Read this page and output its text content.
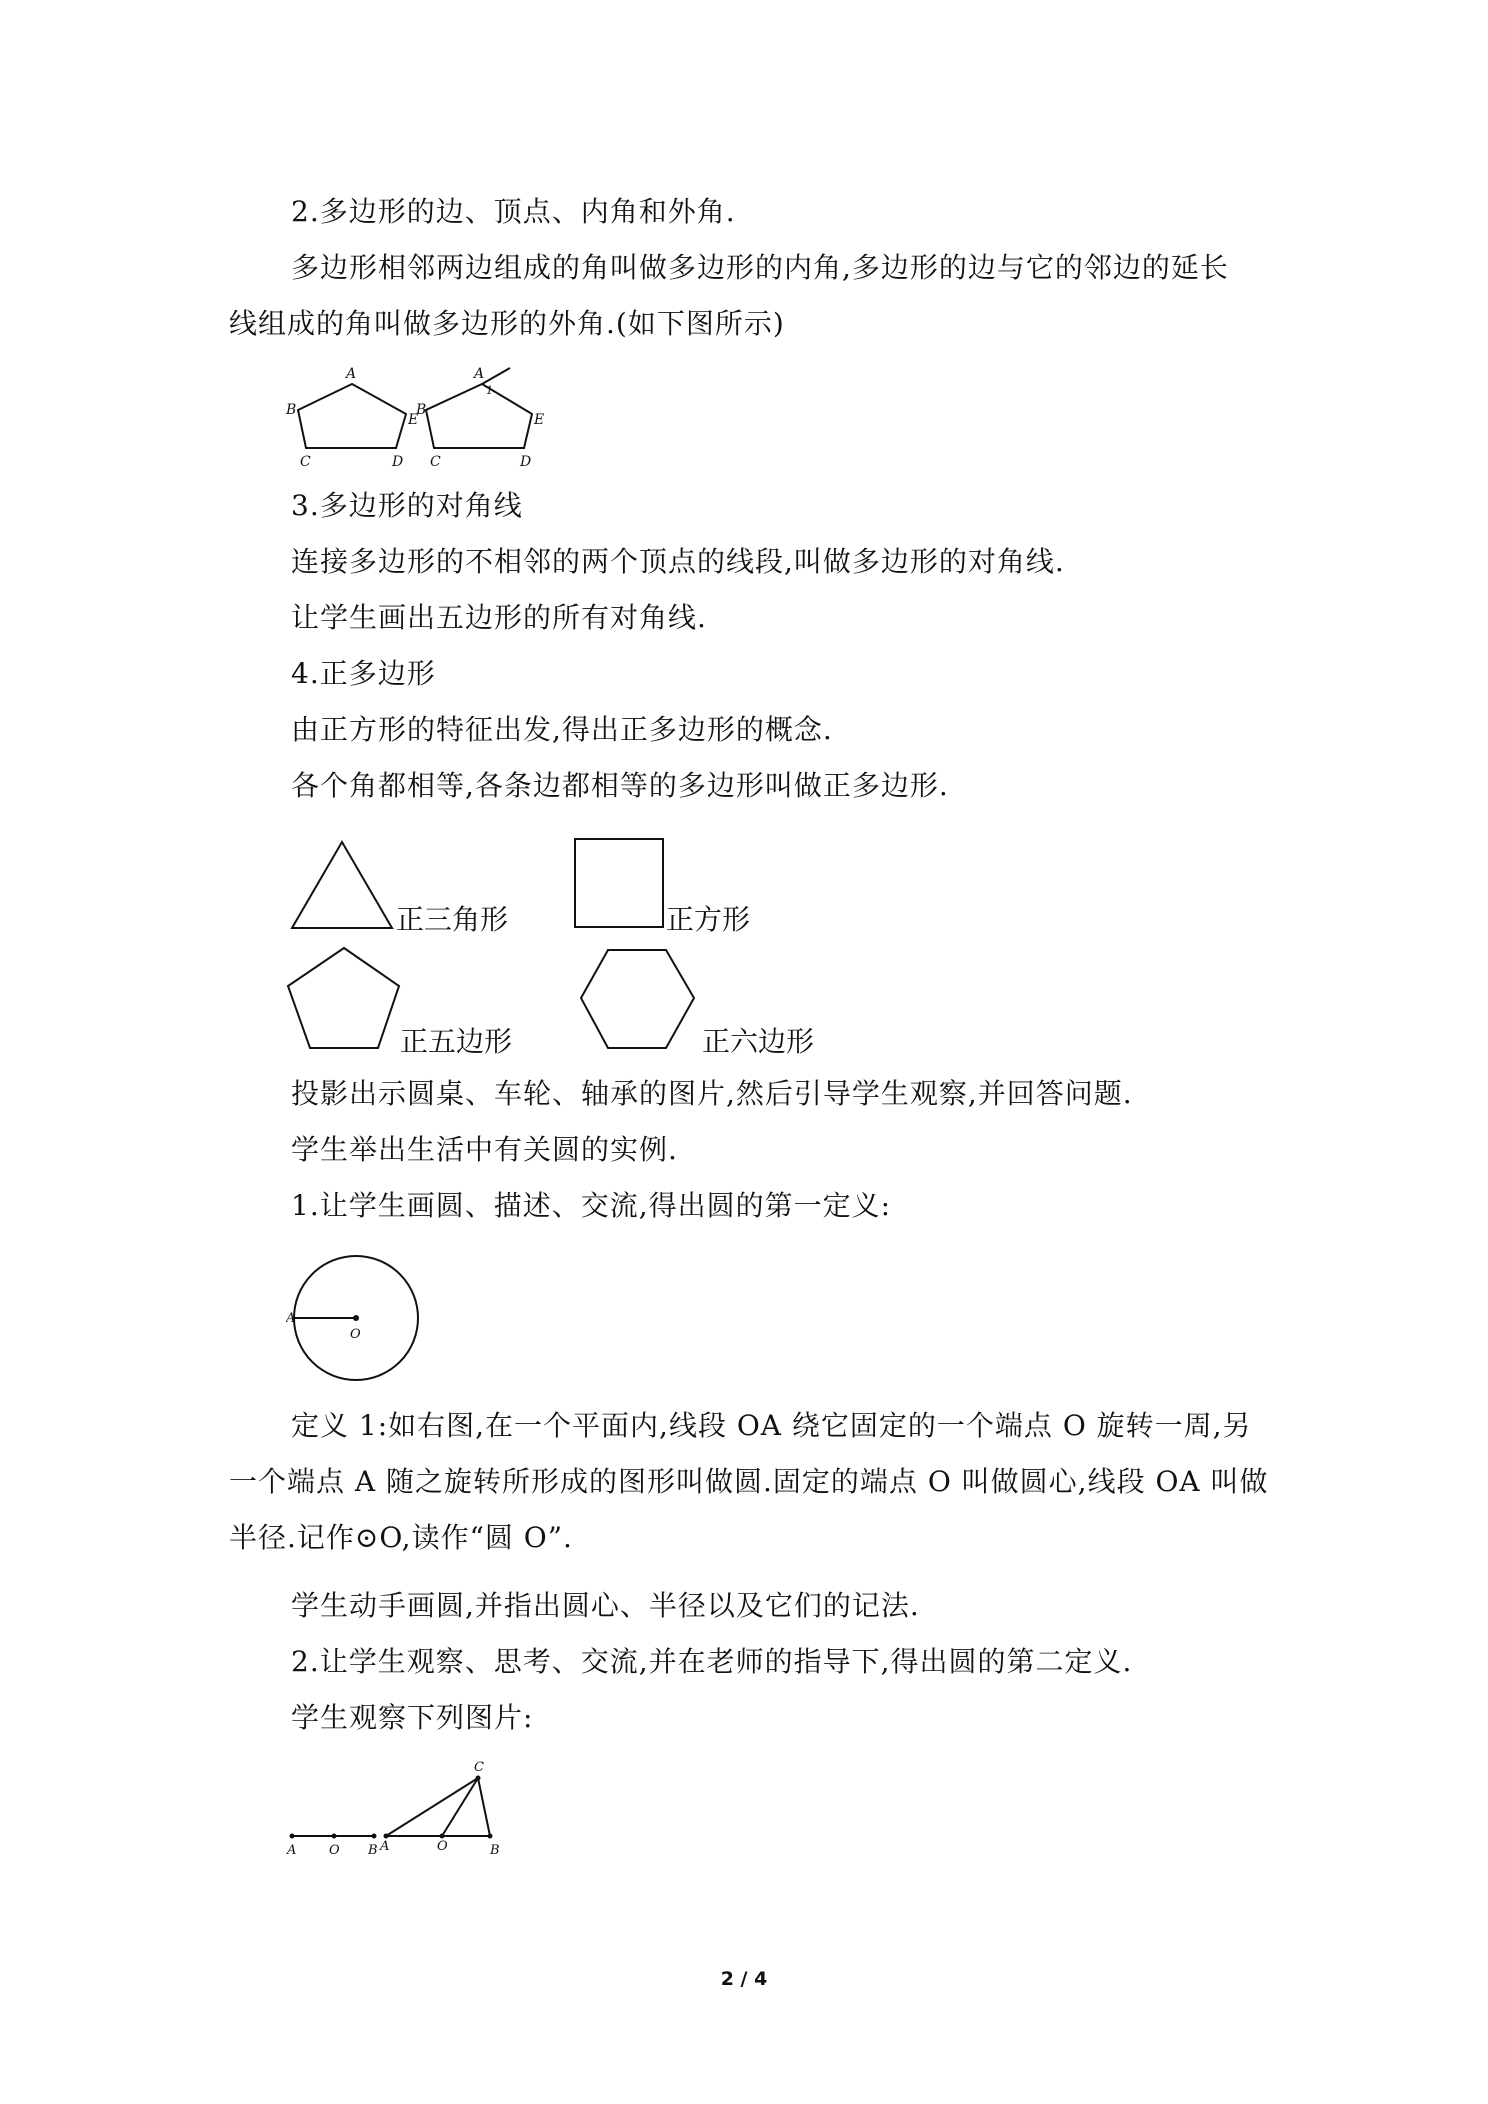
2.多边形的边、顶点、内角和外角.
多边形相邻两边组成的角叫做多边形的内角,多边形的边与它的邻边的延长
线组成的角叫做多边形的外角.(如下图所示)
A
B
C	D
E
A
B
C	D
E
1
3.多边形的对角线
连接多边形的不相邻的两个顶点的线段,叫做多边形的对角线.
让学生画出五边形的所有对角线.
4.正多边形
由正方形的特征出发,得出正多边形的概念.
各个角都相等,各条边都相等的多边形叫做正多边形.
正三角形	正方形
正五边形	正六边形
投影出示圆桌、车轮、轴承的图片,然后引导学生观察,并回答问题.
学生举出生活中有关圆的实例.
1.让学生画圆、描述、交流,得出圆的第一定义:
A
O
定义 1:如右图,在一个平面内,线段 OA 绕它固定的一个端点 O 旋转一周,另
一个端点 A 随之旋转所形成的图形叫做圆.固定的端点 O 叫做圆心,线段 OA 叫做
半径.记作⊙O,读作“圆 O”.
学生动手画圆,并指出圆心、半径以及它们的记法.
2.让学生观察、思考、交流,并在老师的指导下,得出圆的第二定义.
学生观察下列图片:
A	O B A	O	B
C
2 / 4
